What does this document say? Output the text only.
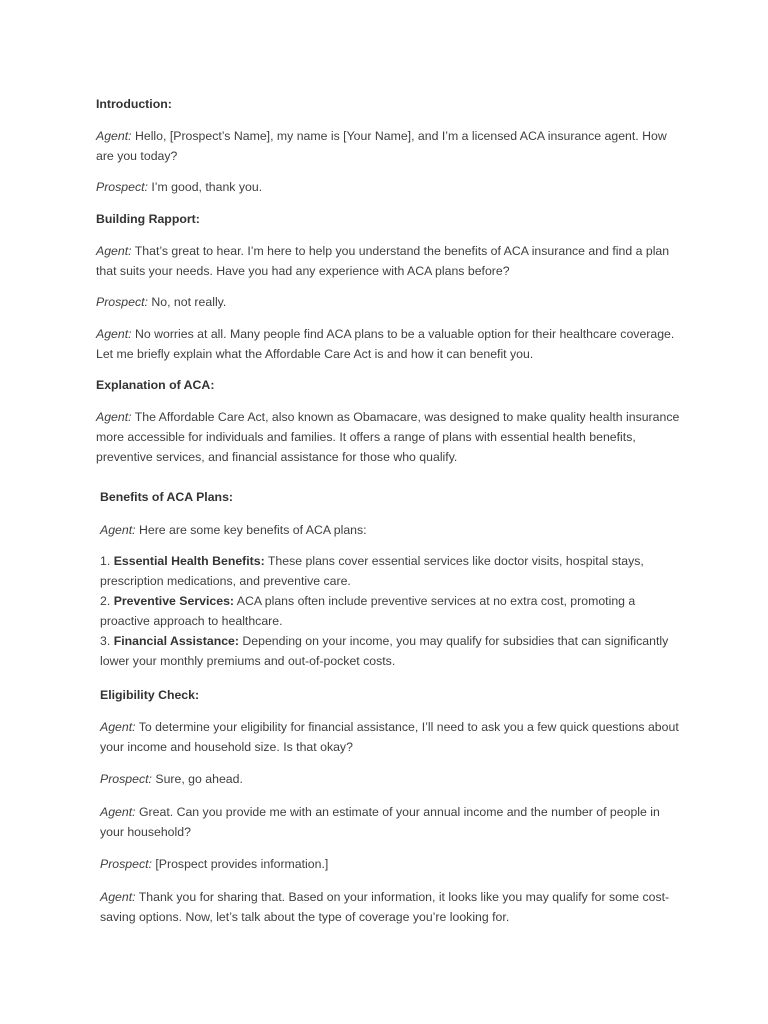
Introduction:

Agent: Hello, [Prospect’s Name], my name is [Your Name], and I’m a licensed ACA insurance agent. How are you today?

Prospect: I’m good, thank you.

Building Rapport:

Agent: That’s great to hear. I’m here to help you understand the benefits of ACA insurance and find a plan that suits your needs. Have you had any experience with ACA plans before?

Prospect: No, not really.

Agent: No worries at all. Many people find ACA plans to be a valuable option for their healthcare coverage. Let me briefly explain what the Affordable Care Act is and how it can benefit you.

Explanation of ACA:

Agent: The Affordable Care Act, also known as Obamacare, was designed to make quality health insurance more accessible for individuals and families. It offers a range of plans with essential health benefits, preventive services, and financial assistance for those who qualify.

Benefits of ACA Plans:

Agent: Here are some key benefits of ACA plans:

1. Essential Health Benefits: These plans cover essential services like doctor visits, hospital stays, prescription medications, and preventive care.
2. Preventive Services: ACA plans often include preventive services at no extra cost, promoting a proactive approach to healthcare.
3. Financial Assistance: Depending on your income, you may qualify for subsidies that can significantly lower your monthly premiums and out-of-pocket costs.

Eligibility Check:

Agent: To determine your eligibility for financial assistance, I’ll need to ask you a few quick questions about your income and household size. Is that okay?

Prospect: Sure, go ahead.

Agent: Great. Can you provide me with an estimate of your annual income and the number of people in your household?

Prospect: [Prospect provides information.]

Agent: Thank you for sharing that. Based on your information, it looks like you may qualify for some cost-saving options. Now, let’s talk about the type of coverage you’re looking for.
